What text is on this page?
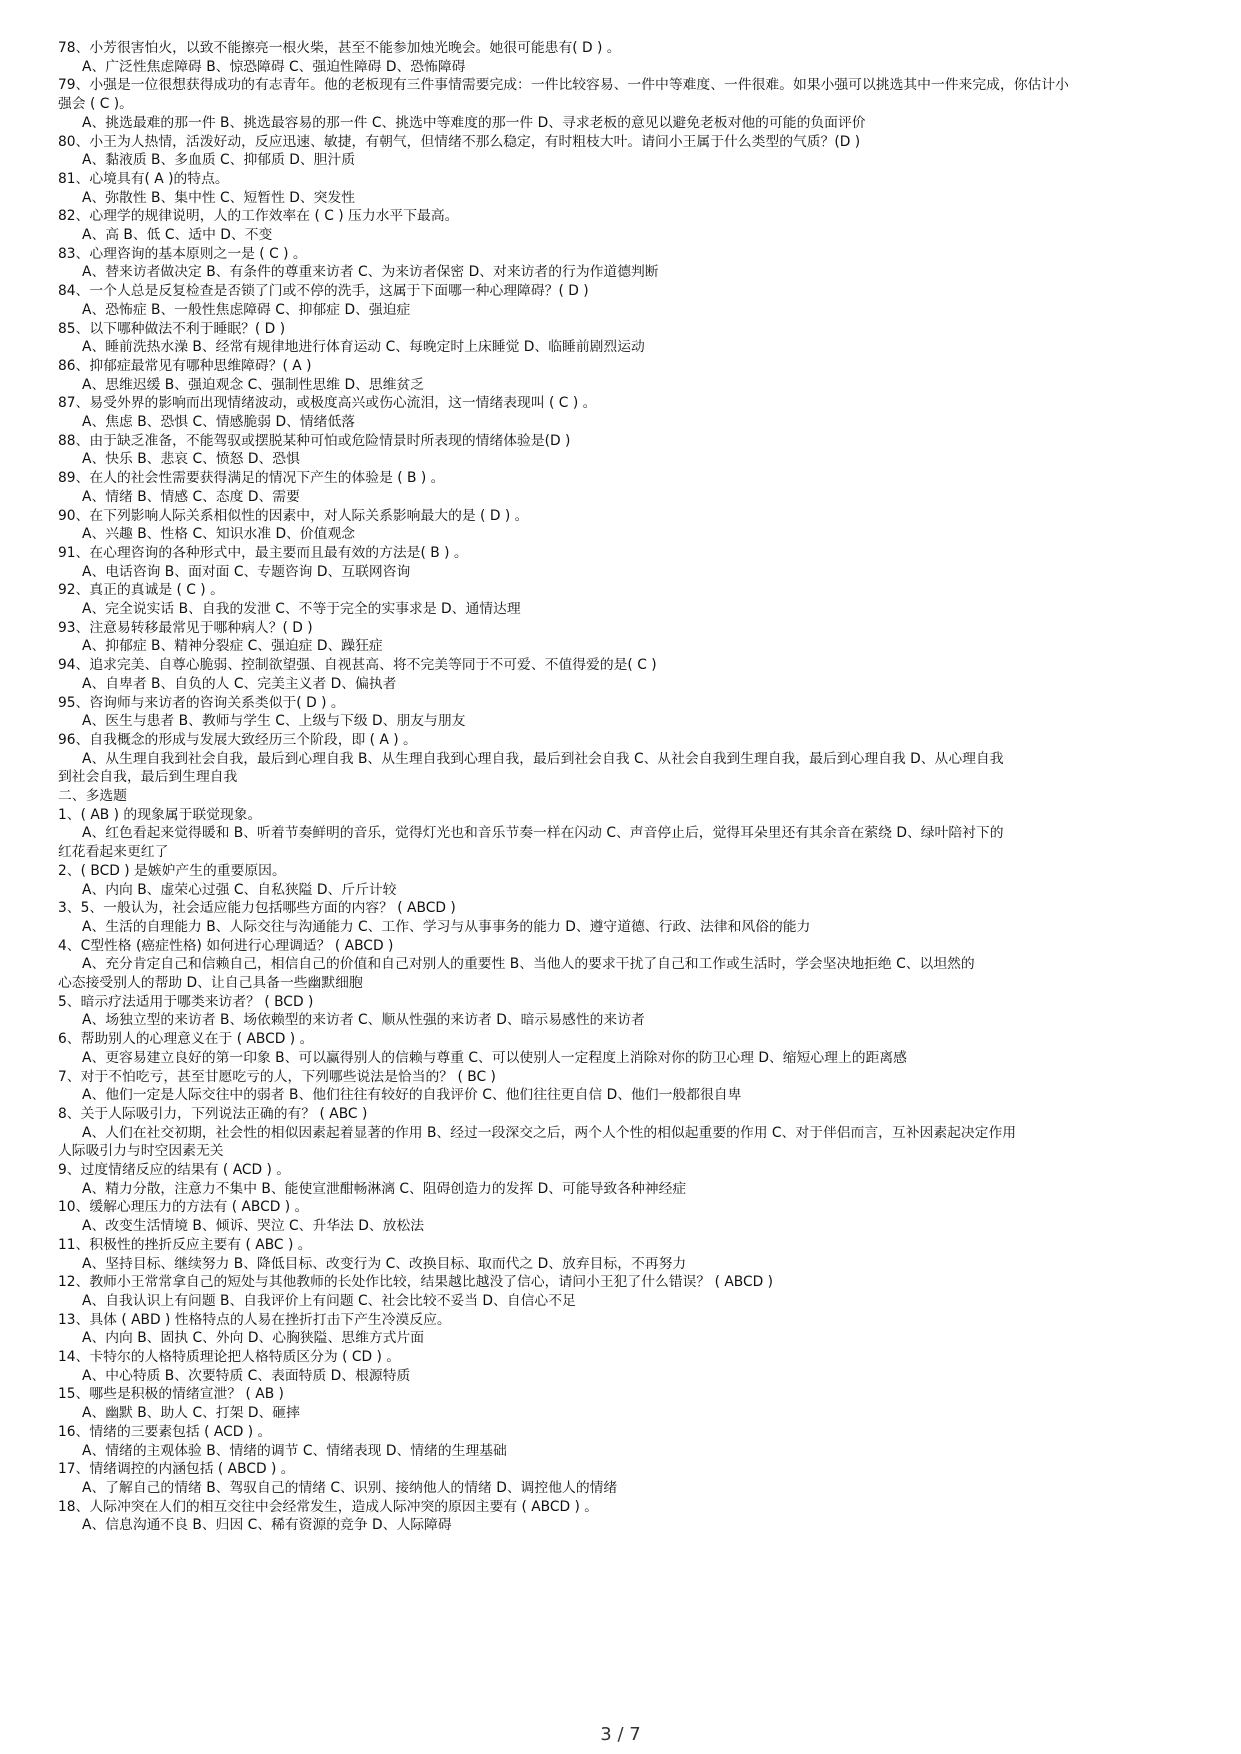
78、小芳很害怕火，以致不能擦亮一根火柴，甚至不能参加烛光晚会。她很可能患有( D ) 。
A、广泛性焦虑障碍 B、惊恐障碍 C、强迫性障碍 D、恐怖障碍
79、小强是一位很想获得成功的有志青年。他的老板现有三件事情需要完成：一件比较容易、一件中等难度、一件很难。如果小强可以挑选其中一件来完成，你估计小
强会 ( C )。
A、挑选最难的那一件 B、挑选最容易的那一件 C、挑选中等难度的那一件 D、寻求老板的意见以避免老板对他的可能的负面评价
80、小王为人热情，活泼好动，反应迅速、敏捷，有朝气，但情绪不那么稳定，有时粗枝大叶。请问小王属于什么类型的气质？(D )
A、黏液质 B、多血质 C、抑郁质 D、胆汁质
81、心境具有( A )的特点。
A、弥散性 B、集中性 C、短暂性 D、突发性
82、心理学的规律说明，人的工作效率在 ( C ) 压力水平下最高。
A、高 B、低 C、适中 D、不变
83、心理咨询的基本原则之一是 ( C ) 。
A、替来访者做决定 B、有条件的尊重来访者 C、为来访者保密 D、对来访者的行为作道德判断
84、一个人总是反复检查是否锁了门或不停的洗手，这属于下面哪一种心理障碍？( D )
A、恐怖症 B、一般性焦虑障碍 C、抑郁症 D、强迫症
85、以下哪种做法不利于睡眠？( D )
A、睡前洗热水澡 B、经常有规律地进行体育运动 C、每晚定时上床睡觉 D、临睡前剧烈运动
86、抑郁症最常见有哪种思维障碍？( A )
A、思维迟缓 B、强迫观念 C、强制性思维 D、思维贫乏
87、易受外界的影响而出现情绪波动，或极度高兴或伤心流泪，这一情绪表现叫 ( C ) 。
A、焦虑 B、恐惧 C、情感脆弱 D、情绪低落
88、由于缺乏准备，不能驾驭或摆脱某种可怕或危险情景时所表现的情绪体验是(D )
A、快乐 B、悲哀 C、愤怒 D、恐惧
89、在人的社会性需要获得满足的情况下产生的体验是 ( B ) 。
A、情绪 B、情感 C、态度 D、需要
90、在下列影响人际关系相似性的因素中，对人际关系影响最大的是 ( D ) 。
A、兴趣 B、性格 C、知识水准 D、价值观念
91、在心理咨询的各种形式中，最主要而且最有效的方法是( B ) 。
A、电话咨询 B、面对面 C、专题咨询 D、互联网咨询
92、真正的真诚是 ( C ) 。
A、完全说实话 B、自我的发泄 C、不等于完全的实事求是 D、通情达理
93、注意易转移最常见于哪种病人？( D )
A、抑郁症 B、精神分裂症 C、强迫症 D、躁狂症
94、追求完美、自尊心脆弱、控制欲望强、自视甚高、将不完美等同于不可爱、不值得爱的是( C )
A、自卑者 B、自负的人 C、完美主义者 D、偏执者
95、咨询师与来访者的咨询关系类似于( D ) 。
A、医生与患者 B、教师与学生 C、上级与下级 D、朋友与朋友
96、自我概念的形成与发展大致经历三个阶段，即 ( A ) 。
A、从生理自我到社会自我，最后到心理自我 B、从生理自我到心理自我，最后到社会自我 C、从社会自我到生理自我，最后到心理自我 D、从心理自我
到社会自我，最后到生理自我
二、多选题
1、( AB ) 的现象属于联觉现象。
A、红色看起来觉得暖和 B、听着节奏鲜明的音乐，觉得灯光也和音乐节奏一样在闪动 C、声音停止后，觉得耳朵里还有其余音在萦绕 D、绿叶陪衬下的
红花看起来更红了
2、( BCD ) 是嫉妒产生的重要原因。
A、内向 B、虚荣心过强 C、自私狭隘 D、斤斤计较
3、5、一般认为，社会适应能力包括哪些方面的内容？ ( ABCD )
A、生活的自理能力 B、人际交往与沟通能力 C、工作、学习与从事事务的能力 D、遵守道德、行政、法律和风俗的能力
4、C型性格 (癌症性格) 如何进行心理调适？ ( ABCD )
A、充分肯定自己和信赖自己，相信自己的价值和自己对别人的重要性 B、当他人的要求干扰了自己和工作或生活时，学会坚决地拒绝 C、以坦然的
心态接受别人的帮助 D、让自己具备一些幽默细胞
5、暗示疗法适用于哪类来访者？ ( BCD )
A、场独立型的来访者 B、场依赖型的来访者 C、顺从性强的来访者 D、暗示易感性的来访者
6、帮助别人的心理意义在于 ( ABCD ) 。
A、更容易建立良好的第一印象 B、可以赢得别人的信赖与尊重 C、可以使别人一定程度上消除对你的防卫心理 D、缩短心理上的距离感
7、对于不怕吃亏，甚至甘愿吃亏的人，下列哪些说法是恰当的？ ( BC )
A、他们一定是人际交往中的弱者 B、他们往往有较好的自我评价 C、他们往往更自信 D、他们一般都很自卑
8、关于人际吸引力，下列说法正确的有？ ( ABC )
A、人们在社交初期，社会性的相似因素起着显著的作用 B、经过一段深交之后，两个人个性的相似起重要的作用 C、对于伴侣而言，互补因素起决定作用
人际吸引力与时空因素无关
9、过度情绪反应的结果有 ( ACD ) 。
A、精力分散，注意力不集中 B、能使宣泄酣畅淋漓 C、阻碍创造力的发挥 D、可能导致各种神经症
10、缓解心理压力的方法有 ( ABCD ) 。
A、改变生活情境 B、倾诉、哭泣 C、升华法 D、放松法
11、积极性的挫折反应主要有 ( ABC ) 。
A、坚持目标、继续努力 B、降低目标、改变行为 C、改换目标、取而代之 D、放弃目标，不再努力
12、教师小王常常拿自己的短处与其他教师的长处作比较，结果越比越没了信心，请问小王犯了什么错误？ ( ABCD )
A、自我认识上有问题 B、自我评价上有问题 C、社会比较不妥当 D、自信心不足
13、具体 ( ABD ) 性格特点的人易在挫折打击下产生冷漠反应。
A、内向 B、固执 C、外向 D、心胸狭隘、思维方式片面
14、卡特尔的人格特质理论把人格特质区分为 ( CD ) 。
A、中心特质 B、次要特质 C、表面特质 D、根源特质
15、哪些是积极的情绪宣泄？ ( AB )
A、幽默 B、助人 C、打架 D、砸摔
16、情绪的三要素包括 ( ACD ) 。
A、情绪的主观体验 B、情绪的调节 C、情绪表现 D、情绪的生理基础
17、情绪调控的内涵包括 ( ABCD ) 。
A、了解自己的情绪 B、驾驭自己的情绪 C、识别、接纳他人的情绪 D、调控他人的情绪
18、人际冲突在人们的相互交往中会经常发生，造成人际冲突的原因主要有 ( ABCD ) 。
A、信息沟通不良 B、归因 C、稀有资源的竞争 D、人际障碍
3 / 7
